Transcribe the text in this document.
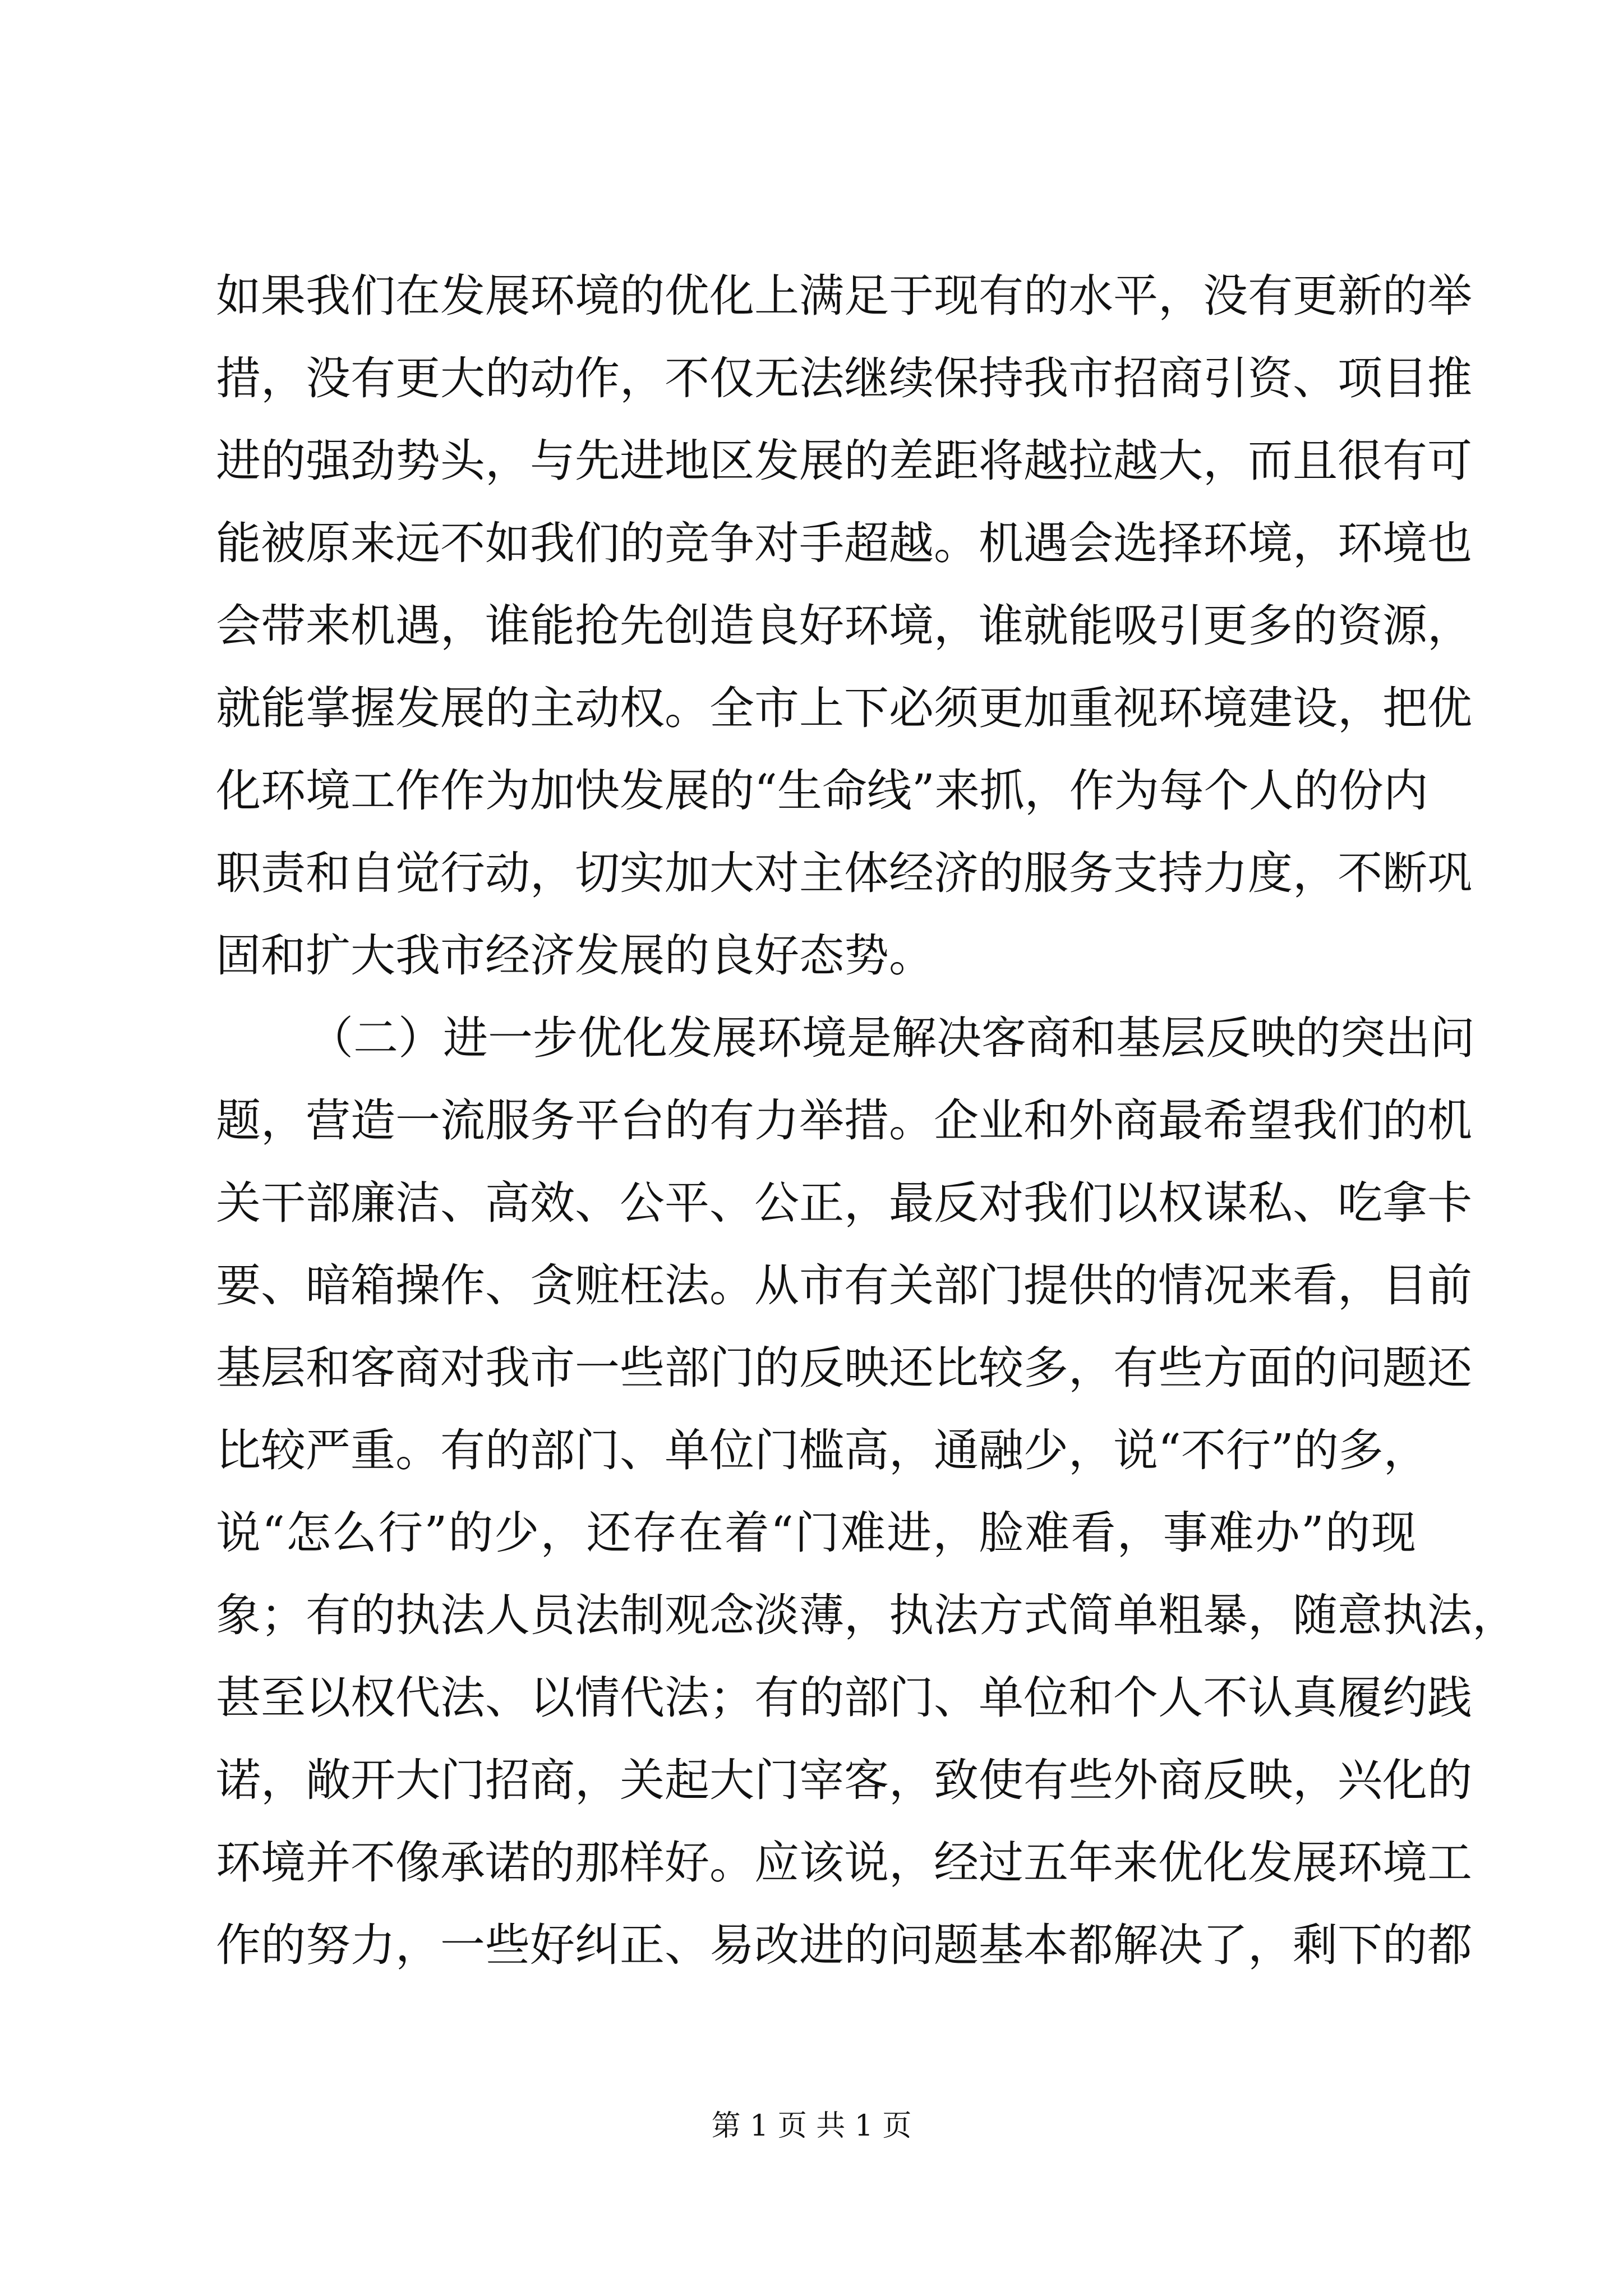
如果我们在发展环境的优化上满足于现有的水平，没有更新的举
措，没有更大的动作，不仅无法继续保持我市招商引资、项目推
进的强劲势头，与先进地区发展的差距将越拉越大，而且很有可
能被原来远不如我们的竞争对手超越。机遇会选择环境，环境也
会带来机遇，谁能抢先创造良好环境，谁就能吸引更多的资源，
就能掌握发展的主动权。全市上下必须更加重视环境建设，把优
化环境工作作为加快发展的“生命线”来抓，作为每个人的份内
职责和自觉行动，切实加大对主体经济的服务支持力度，不断巩
固和扩大我市经济发展的良好态势。
（二）进一步优化发展环境是解决客商和基层反映的突出问
题，营造一流服务平台的有力举措。企业和外商最希望我们的机
关干部廉洁、高效、公平、公正，最反对我们以权谋私、吃拿卡
要、暗箱操作、贪赃枉法。从市有关部门提供的情况来看，目前
基层和客商对我市一些部门的反映还比较多，有些方面的问题还
比较严重。有的部门、单位门槛高，通融少，说“不行”的多，
说“怎么行”的少，还存在着“门难进，脸难看，事难办”的现
象；有的执法人员法制观念淡薄，执法方式简单粗暴，随意执法，
甚至以权代法、以情代法；有的部门、单位和个人不认真履约践
诺，敞开大门招商，关起大门宰客，致使有些外商反映，兴化的
环境并不像承诺的那样好。应该说，经过五年来优化发展环境工
作的努力，一些好纠正、易改进的问题基本都解决了，剩下的都
第 1 页 共 1 页
